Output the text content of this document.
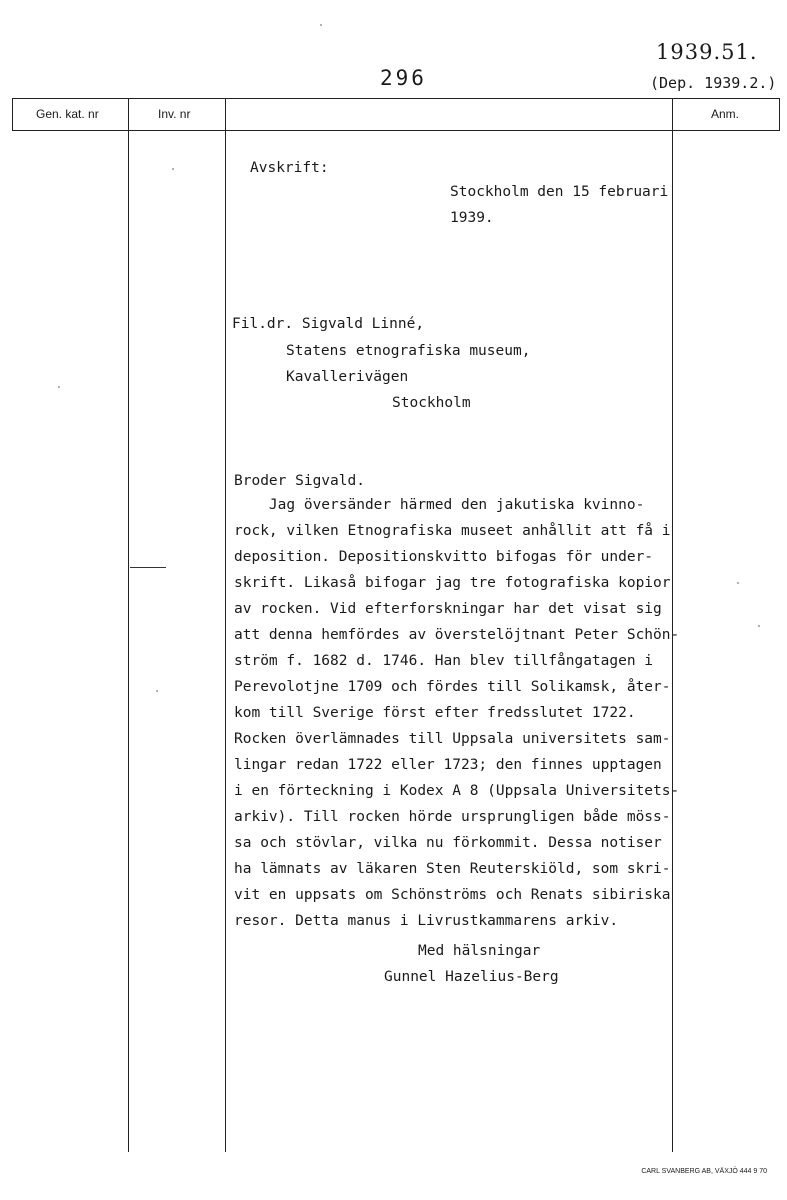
296
1939.51.
(Dep. 1939.2.)
Gen. kat. nr	Inv. nr	Anm.
Avskrift:
Stockholm den 15 februari
1939.
Fil.dr. Sigvald Linné,
Statens etnografiska museum,
Kavallerivägen
Stockholm
Broder Sigvald.
Jag översänder härmed den jakutiska kvinno-
rock, vilken Etnografiska museet anhållit att få i
deposition. Depositionskvitto bifogas för under-
skrift. Likaså bifogar jag tre fotografiska kopior
av rocken. Vid efterforskningar har det visat sig
att denna hemfördes av överstelöjtnant Peter Schön-
ström f. 1682 d. 1746. Han blev tillfångatagen i
Perevolotjne 1709 och fördes till Solikamsk, åter-
kom till Sverige först efter fredsslutet 1722.
Rocken överlämnades till Uppsala universitets sam-
lingar redan 1722 eller 1723; den finnes upptagen
i en förteckning i Kodex A 8 (Uppsala Universitets-
arkiv). Till rocken hörde ursprungligen både möss-
sa och stövlar, vilka nu förkommit. Dessa notiser
ha lämnats av läkaren Sten Reuterskiöld, som skri-
vit en uppsats om Schönströms och Renats sibiriska
resor. Detta manus i Livrustkammarens arkiv.
Med hälsningar
Gunnel Hazelius-Berg
CARL SVANBERG AB, VÄXJÖ 444 9 70
